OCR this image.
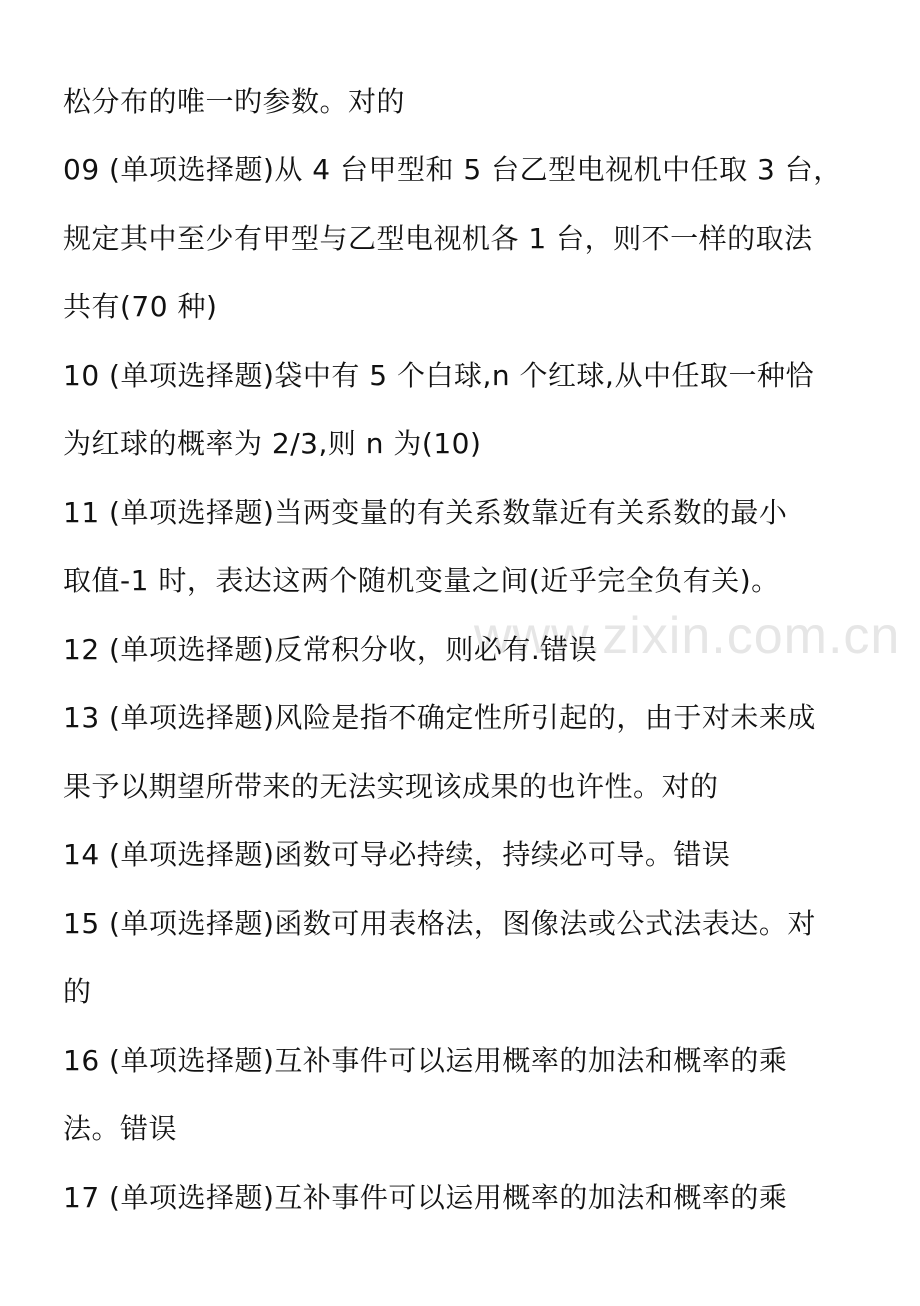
www.zixin.com.cn
松分布的唯一旳参数。对的
09 (单项选择题)从 4 台甲型和 5 台乙型电视机中任取 3 台，
规定其中至少有甲型与乙型电视机各 1 台，则不一样的取法
共有(70 种)
10 (单项选择题)袋中有 5 个白球,n 个红球,从中任取一种恰
为红球的概率为 2/3,则 n 为(10)
11 (单项选择题)当两变量的有关系数靠近有关系数的最小
取值-1 时，表达这两个随机变量之间(近乎完全负有关)。
12 (单项选择题)反常积分收，则必有.错误
13 (单项选择题)风险是指不确定性所引起的，由于对未来成
果予以期望所带来的无法实现该成果的也许性。对的
14 (单项选择题)函数可导必持续，持续必可导。错误
15 (单项选择题)函数可用表格法，图像法或公式法表达。对
的
16 (单项选择题)互补事件可以运用概率的加法和概率的乘
法。错误
17 (单项选择题)互补事件可以运用概率的加法和概率的乘
